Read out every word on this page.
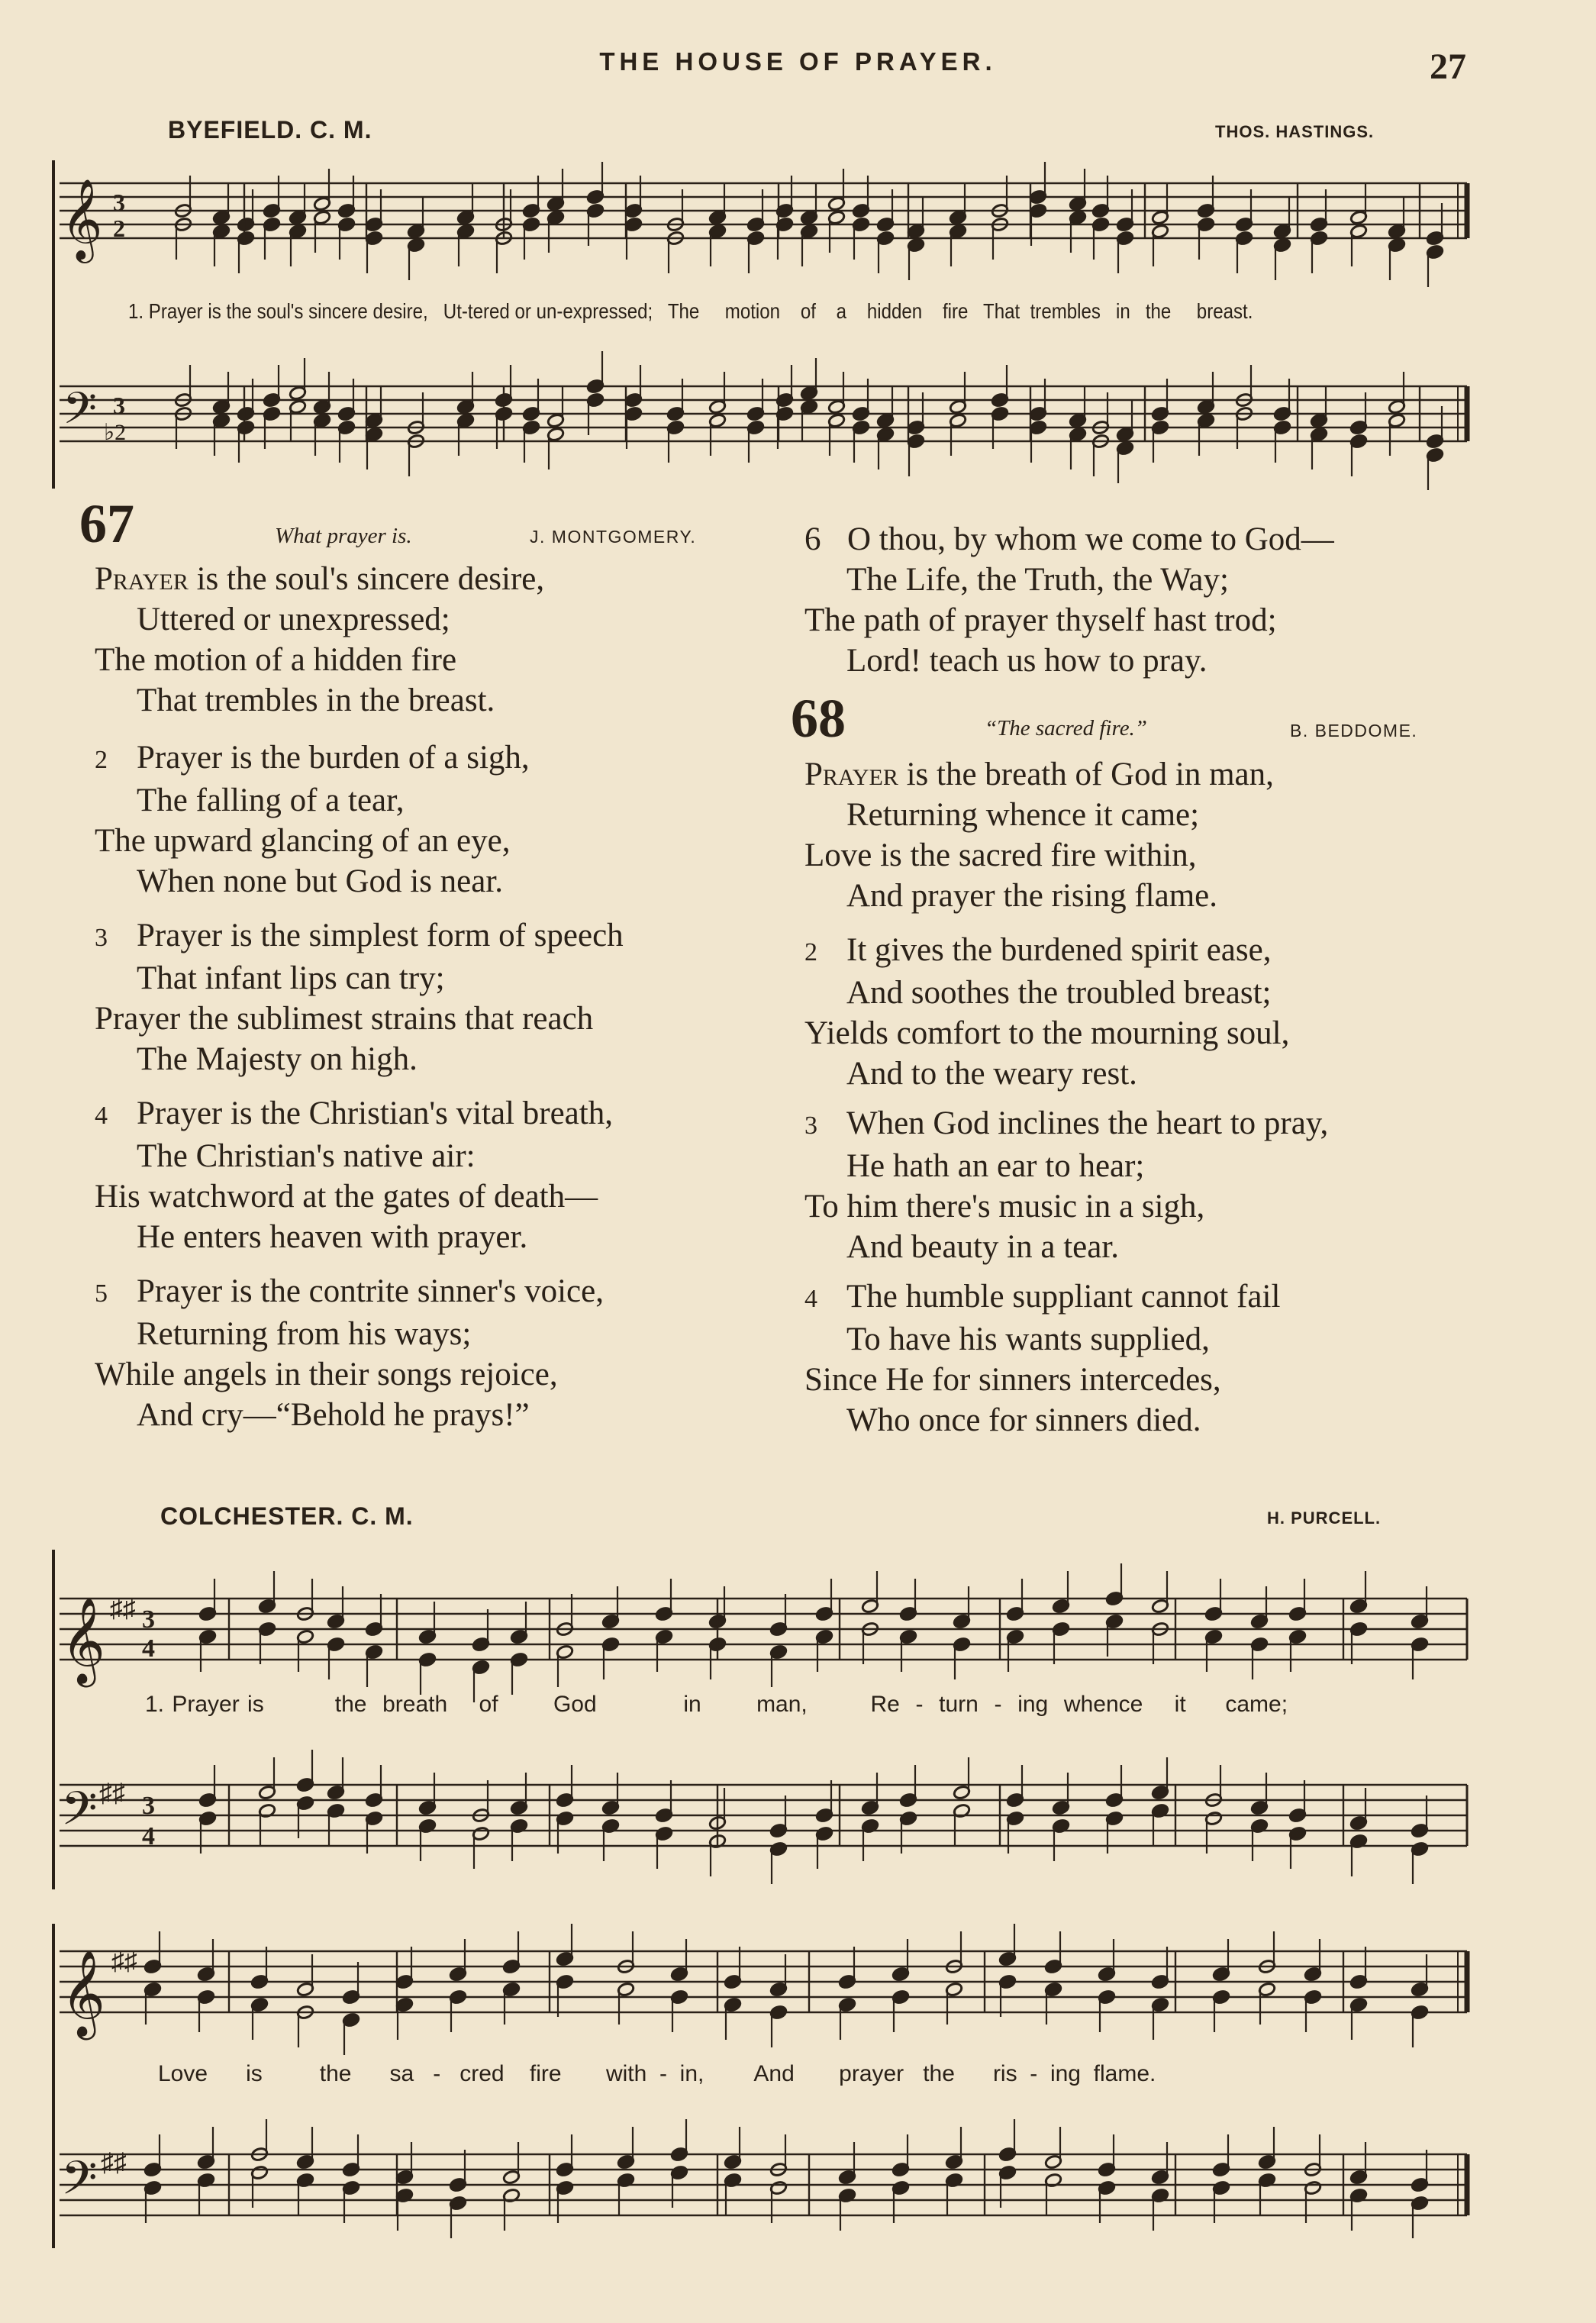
THE HOUSE OF PRAYER.	27
BYEFIELD. C. M.	THOS. HASTINGS.
𝄞
𝄢
3
2
3
♭2
1. Prayer is the soul's sincere desire, Ut-tered or un-expressed; The motion of a hidden fire That trembles in the breast.
67	What prayer is.	J. MONTGOMERY.
Prayer is the soul's sincere desire,
Uttered or unexpressed;
The motion of a hidden fire
That trembles in the breast.
2 Prayer is the burden of a sigh,
The falling of a tear,
The upward glancing of an eye,
When none but God is near.
3 Prayer is the simplest form of speech
That infant lips can try;
Prayer the sublimest strains that reach
The Majesty on high.
4 Prayer is the Christian's vital breath,
The Christian's native air:
His watchword at the gates of death—
He enters heaven with prayer.
5 Prayer is the contrite sinner's voice,
Returning from his ways;
While angels in their songs rejoice,
And cry—“Behold he prays!”
6 O thou, by whom we come to God—
The Life, the Truth, the Way;
The path of prayer thyself hast trod;
Lord! teach us how to pray.
68	“The sacred fire.”	B. BEDDOME.
Prayer is the breath of God in man,
Returning whence it came;
Love is the sacred fire within,
And prayer the rising flame.
2 It gives the burdened spirit ease,
And soothes the troubled breast;
Yields comfort to the mourning soul,
And to the weary rest.
3 When God inclines the heart to pray,
He hath an ear to hear;
To him there's music in a sigh,
And beauty in a tear.
4 The humble suppliant cannot fail
To have his wants supplied,
Since He for sinners intercedes,
Who once for sinners died.
COLCHESTER. C. M.	H. PURCELL.
𝄞
𝄢
♯♯
♯♯
3
4
3
4
1. Prayer is	the breath of God	in man,	Re - turn - ing whence it came;
𝄞
𝄢
♯♯
♯♯
Love is	the sa - cred fire with - in, And prayer the ris - ing flame.
